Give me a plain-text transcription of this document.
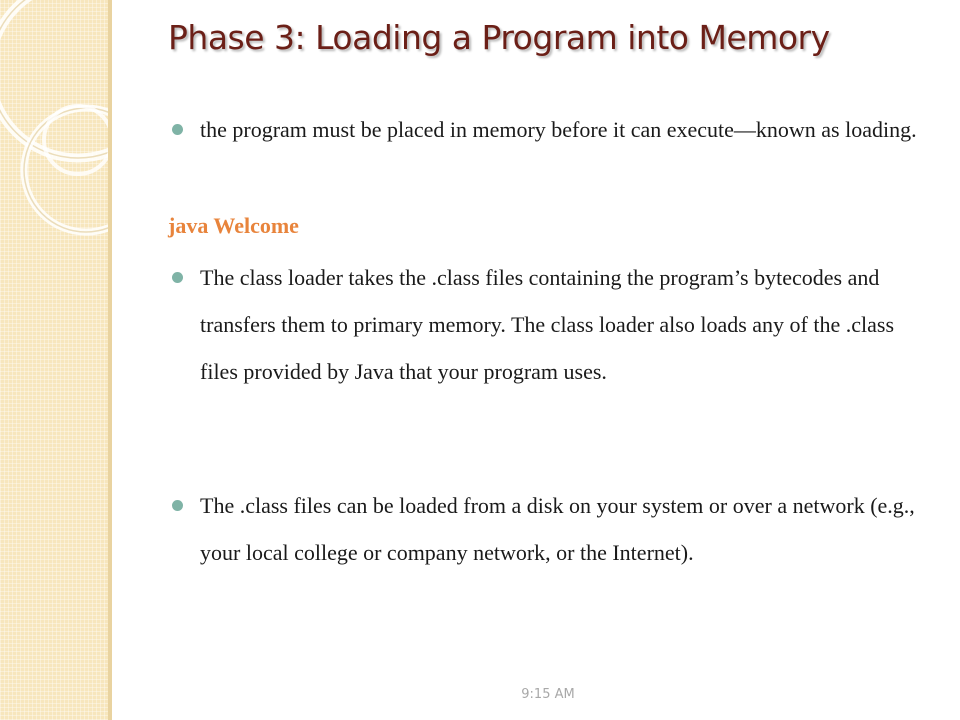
Phase 3: Loading a Program into Memory
the program must be placed in memory before it can execute—known as loading.
java Welcome
The class loader takes the .class files containing the program’s bytecodes and transfers them to primary memory. The class loader also loads any of the .class files provided by Java that your program uses.
The .class files can be loaded from a disk on your system or over a network (e.g., your local college or company network, or the Internet).
9:15 AM
